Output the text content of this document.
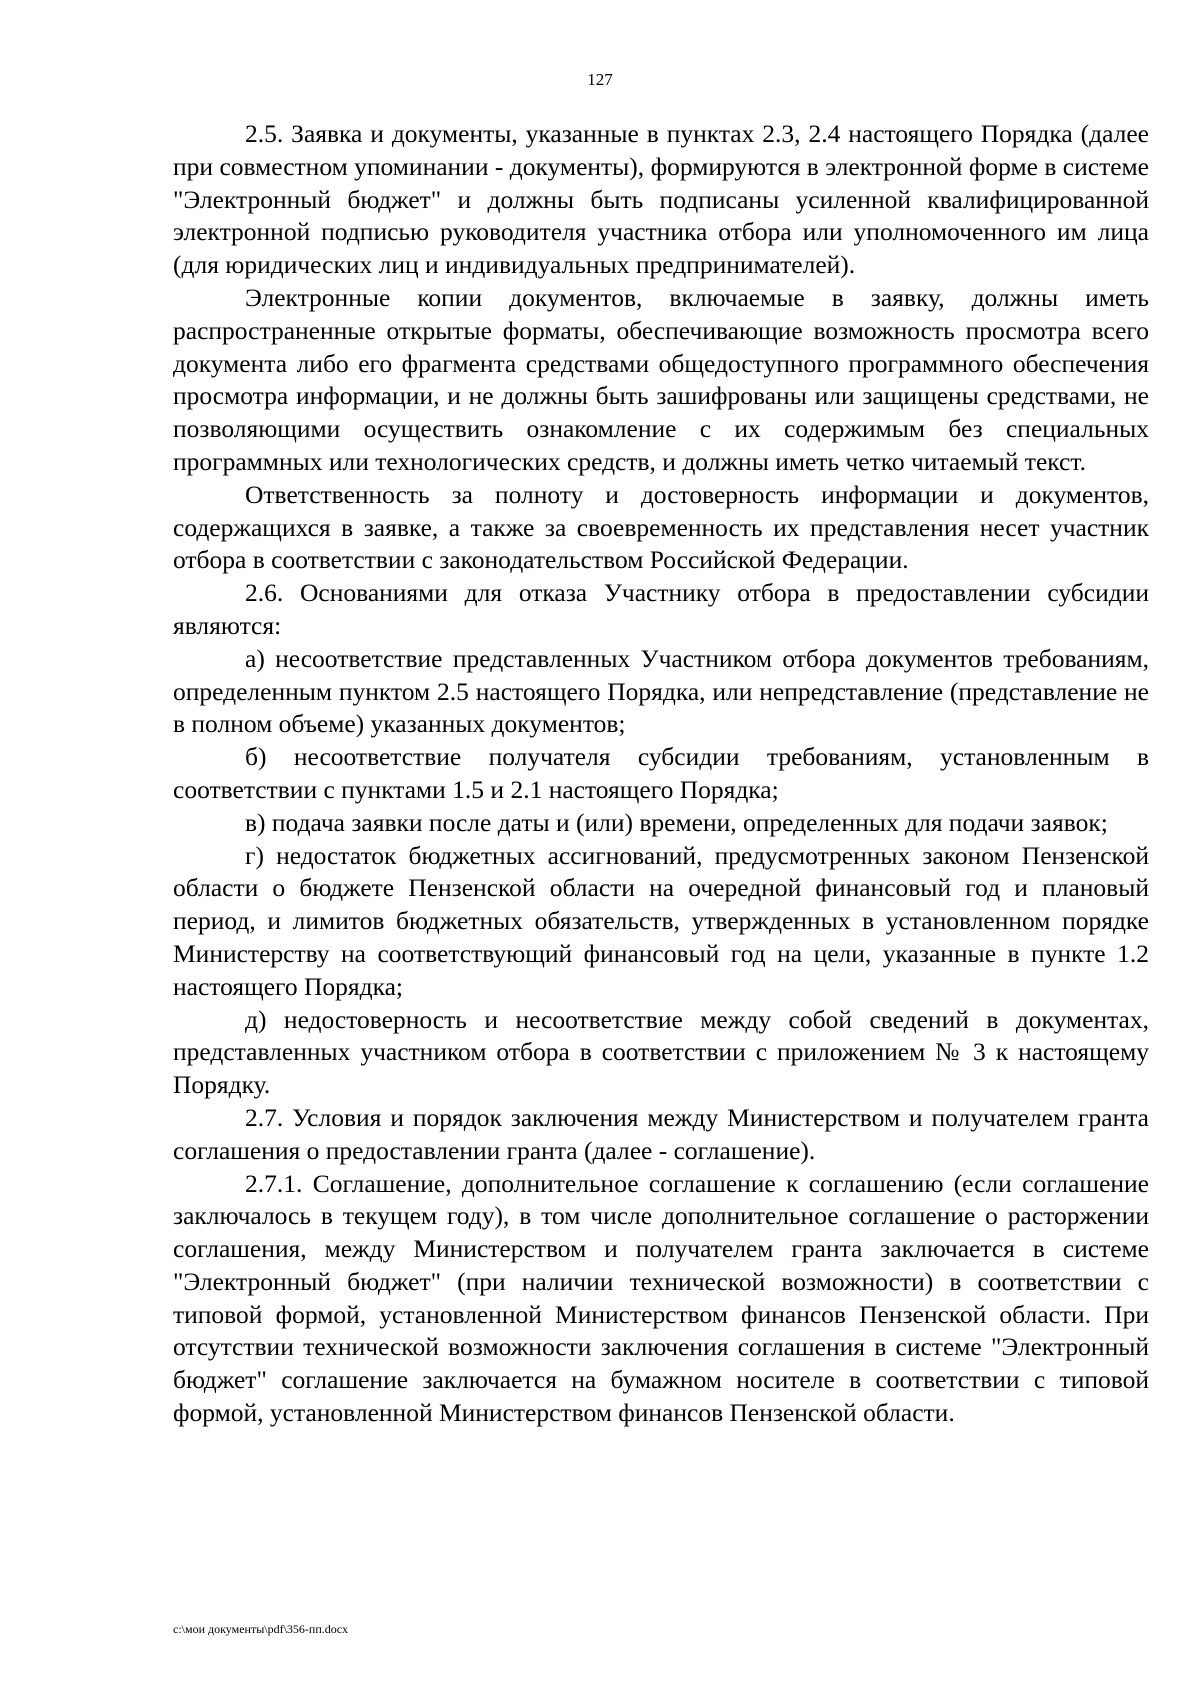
127

2.5. Заявка и документы, указанные в пунктах 2.3, 2.4 настоящего Порядка (далее при совместном упоминании - документы), формируются в электронной форме в системе "Электронный бюджет" и должны быть подписаны усиленной квалифицированной электронной подписью руководителя участника отбора или уполномоченного им лица (для юридических лиц и индивидуальных предпринимателей).

Электронные копии документов, включаемые в заявку, должны иметь распространенные открытые форматы, обеспечивающие возможность просмотра всего документа либо его фрагмента средствами общедоступного программного обеспечения просмотра информации, и не должны быть зашифрованы или защищены средствами, не позволяющими осуществить ознакомление с их содержимым без специальных программных или технологических средств, и должны иметь четко читаемый текст.

Ответственность за полноту и достоверность информации и документов, содержащихся в заявке, а также за своевременность их представления несет участник отбора в соответствии с законодательством Российской Федерации.

2.6. Основаниями для отказа Участнику отбора в предоставлении субсидии являются:

а) несоответствие представленных Участником отбора документов требованиям, определенным пунктом 2.5 настоящего Порядка, или непредставление (представление не в полном объеме) указанных документов;

б) несоответствие получателя субсидии требованиям, установленным в соответствии с пунктами 1.5 и 2.1 настоящего Порядка;

в) подача заявки после даты и (или) времени, определенных для подачи заявок;

г) недостаток бюджетных ассигнований, предусмотренных законом Пензенской области о бюджете Пензенской области на очередной финансовый год и плановый период, и лимитов бюджетных обязательств, утвержденных в установленном порядке Министерству на соответствующий финансовый год на цели, указанные в пункте 1.2 настоящего Порядка;

д) недостоверность и несоответствие между собой сведений в документах, представленных участником отбора в соответствии с приложением № 3 к настоящему Порядку.

2.7. Условия и порядок заключения между Министерством и получателем гранта соглашения о предоставлении гранта (далее - соглашение).

2.7.1. Соглашение, дополнительное соглашение к соглашению (если соглашение заключалось в текущем году), в том числе дополнительное соглашение о расторжении соглашения, между Министерством и получателем гранта заключается в системе "Электронный бюджет" (при наличии технической возможности) в соответствии с типовой формой, установленной Министерством финансов Пензенской области. При отсутствии технической возможности заключения соглашения в системе "Электронный бюджет" соглашение заключается на бумажном носителе в соответствии с типовой формой, установленной Министерством финансов Пензенской области.

c:\мои документы\pdf\356-пп.docx
